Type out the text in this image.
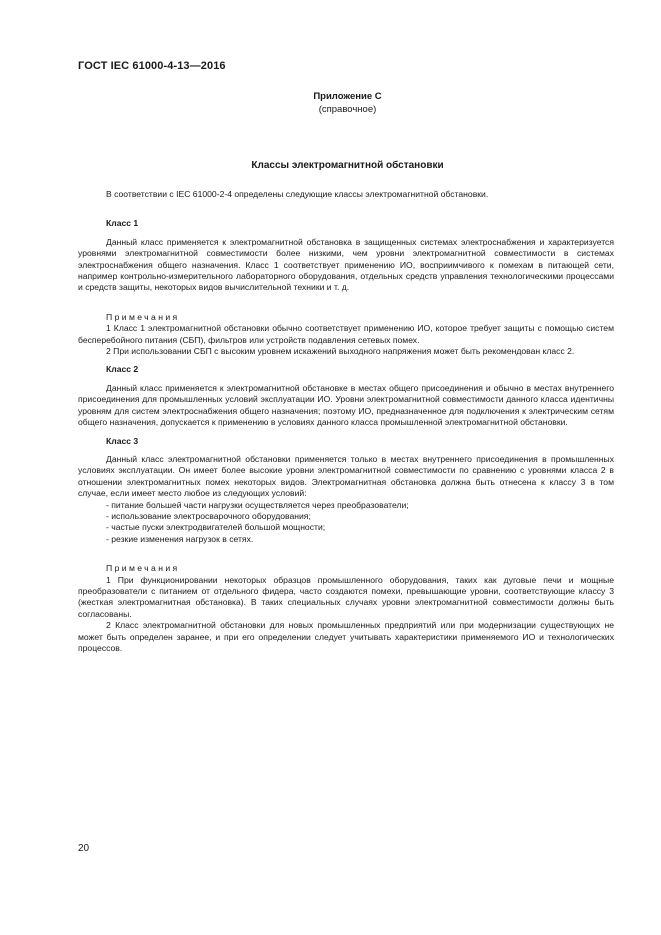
ГОСТ IEC 61000-4-13—2016
Приложение С
(справочное)
Классы электромагнитной обстановки

В соответствии с IEC 61000-2-4 определены следующие классы электромагнитной обстановки.

Класс 1

Данный класс применяется к электромагнитной обстановка в защищенных системах электроснабжения и характеризуется уровнями электромагнитной совместимости более низкими, чем уровни электромагнитной совместимости в системах электроснабжения общего назначения. Класс 1 соответствует применению ИО, восприимчивого к помехам в питающей сети, например контрольно-измерительного лабораторного оборудования, отдельных средств управления технологическими процессами и средств защиты, некоторых видов вычислительной техники и т. д.

Примечания

1 Класс 1 электромагнитной обстановки обычно соответствует применению ИО, которое требует защиты с помощью систем бесперебойного питания (СБП), фильтров или устройств подавления сетевых помех.

2 При использовании СБП с высоким уровнем искажений выходного напряжения может быть рекомендован класс 2.

Класс 2

Данный класс применяется к электромагнитной обстановке в местах общего присоединения и обычно в местах внутреннего присоединения для промышленных условий эксплуатации ИО. Уровни электромагнитной совместимости данного класса идентичны уровням для систем электроснабжения общего назначения; поэтому ИО, предназначенное для подключения к электрическим сетям общего назначения, допускается к применению в условиях данного класса промышленной электромагнитной обстановки.

Класс 3

Данный класс электромагнитной обстановки применяется только в местах внутреннего присоединения в промышленных условиях эксплуатации. Он имеет более высокие уровни электромагнитной совместимости по сравнению с уровнями класса 2 в отношении электромагнитных помех некоторых видов. Электромагнитная обстановка должна быть отнесена к классу 3 в том случае, если имеет место любое из следующих условий:

- питание большей части нагрузки осуществляется через преобразователи;

- использование электросварочного оборудования;

- частые пуски электродвигателей большой мощности;

- резкие изменения нагрузок в сетях.

Примечания

1 При функционировании некоторых образцов промышленного оборудования, таких как дуговые печи и мощные преобразователи с питанием от отдельного фидера, часто создаются помехи, превышающие уровни, соответствующие классу 3 (жесткая электромагнитная обстановка). В таких специальных случаях уровни электромагнитной совместимости должны быть согласованы.

2 Класс электромагнитной обстановки для новых промышленных предприятий или при модернизации существующих не может быть определен заранее, и при его определении следует учитывать характеристики применяемого ИО и технологических процессов.

20
